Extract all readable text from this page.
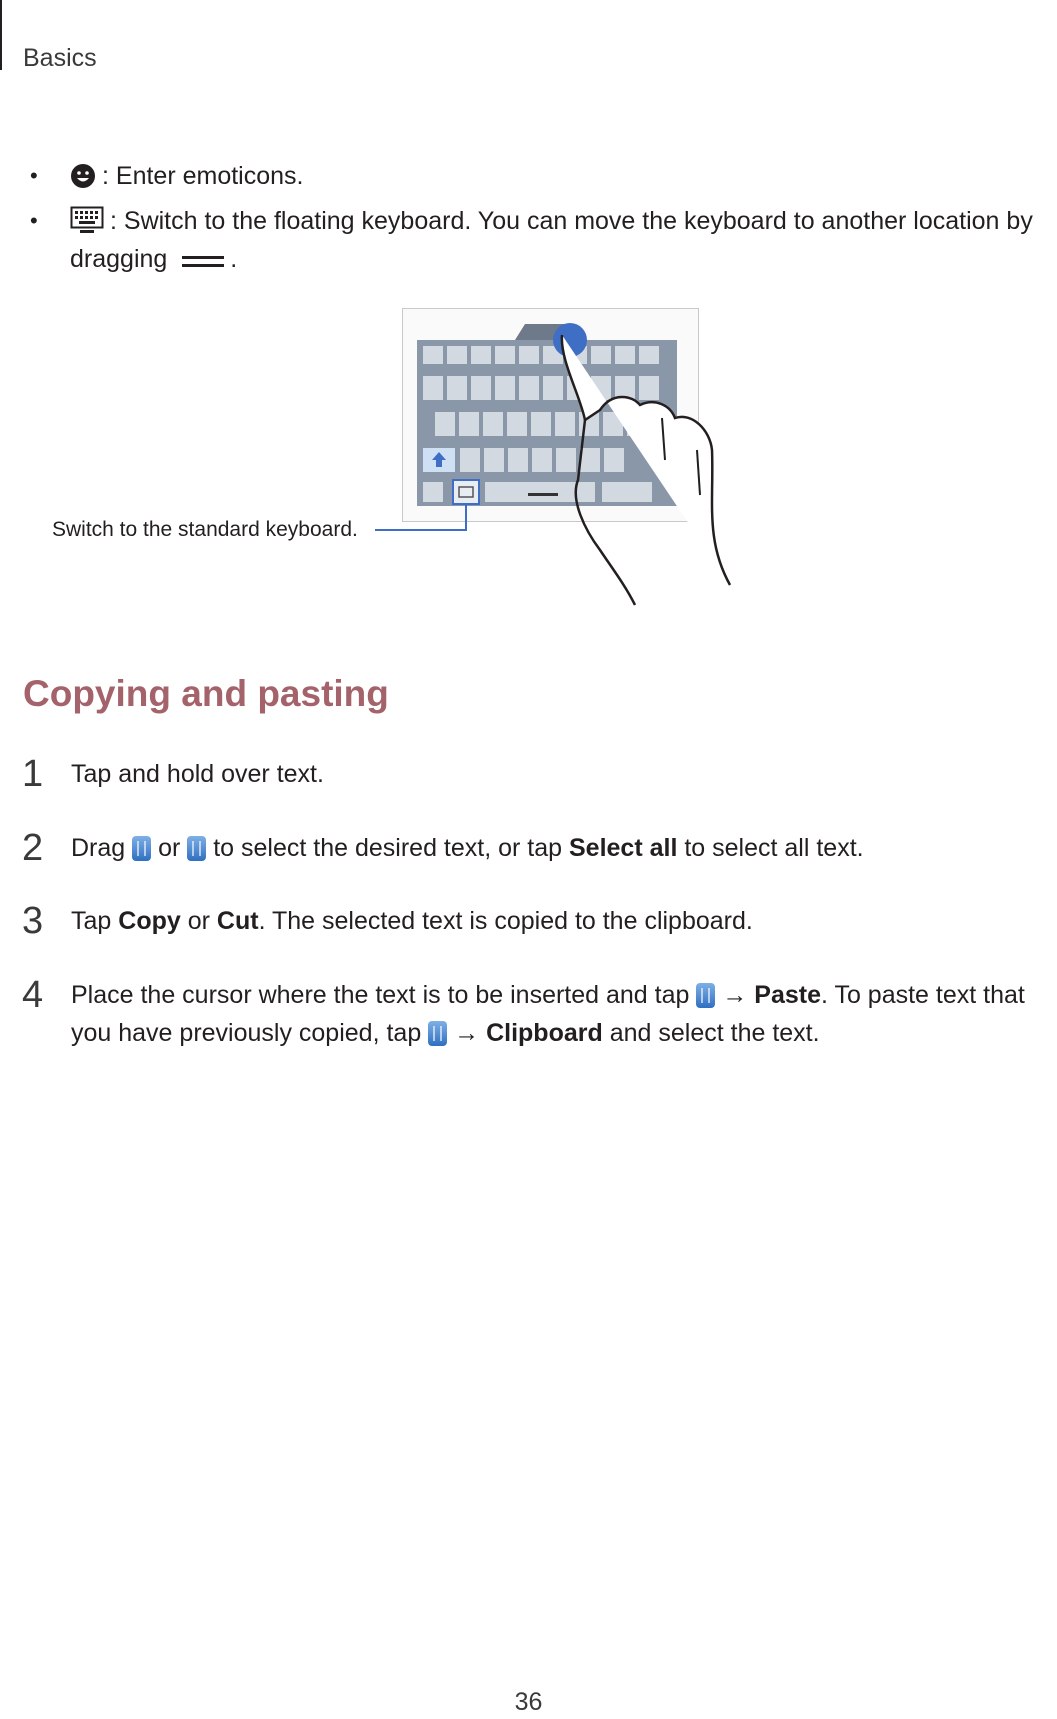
Basics
•	: Enter emoticons.
•	: Switch to the floating keyboard. You can move the keyboard to another location by
dragging	.
Switch to the standard keyboard.
Copying and pasting
1 Tap and hold over text.
2 Drag or to select the desired text, or tap Select all to select all text.
3 Tap Copy or Cut. The selected text is copied to the clipboard.
4 Place the cursor where the text is to be inserted and tap → Paste. To paste text that
you have previously copied, tap → Clipboard and select the text.
36
